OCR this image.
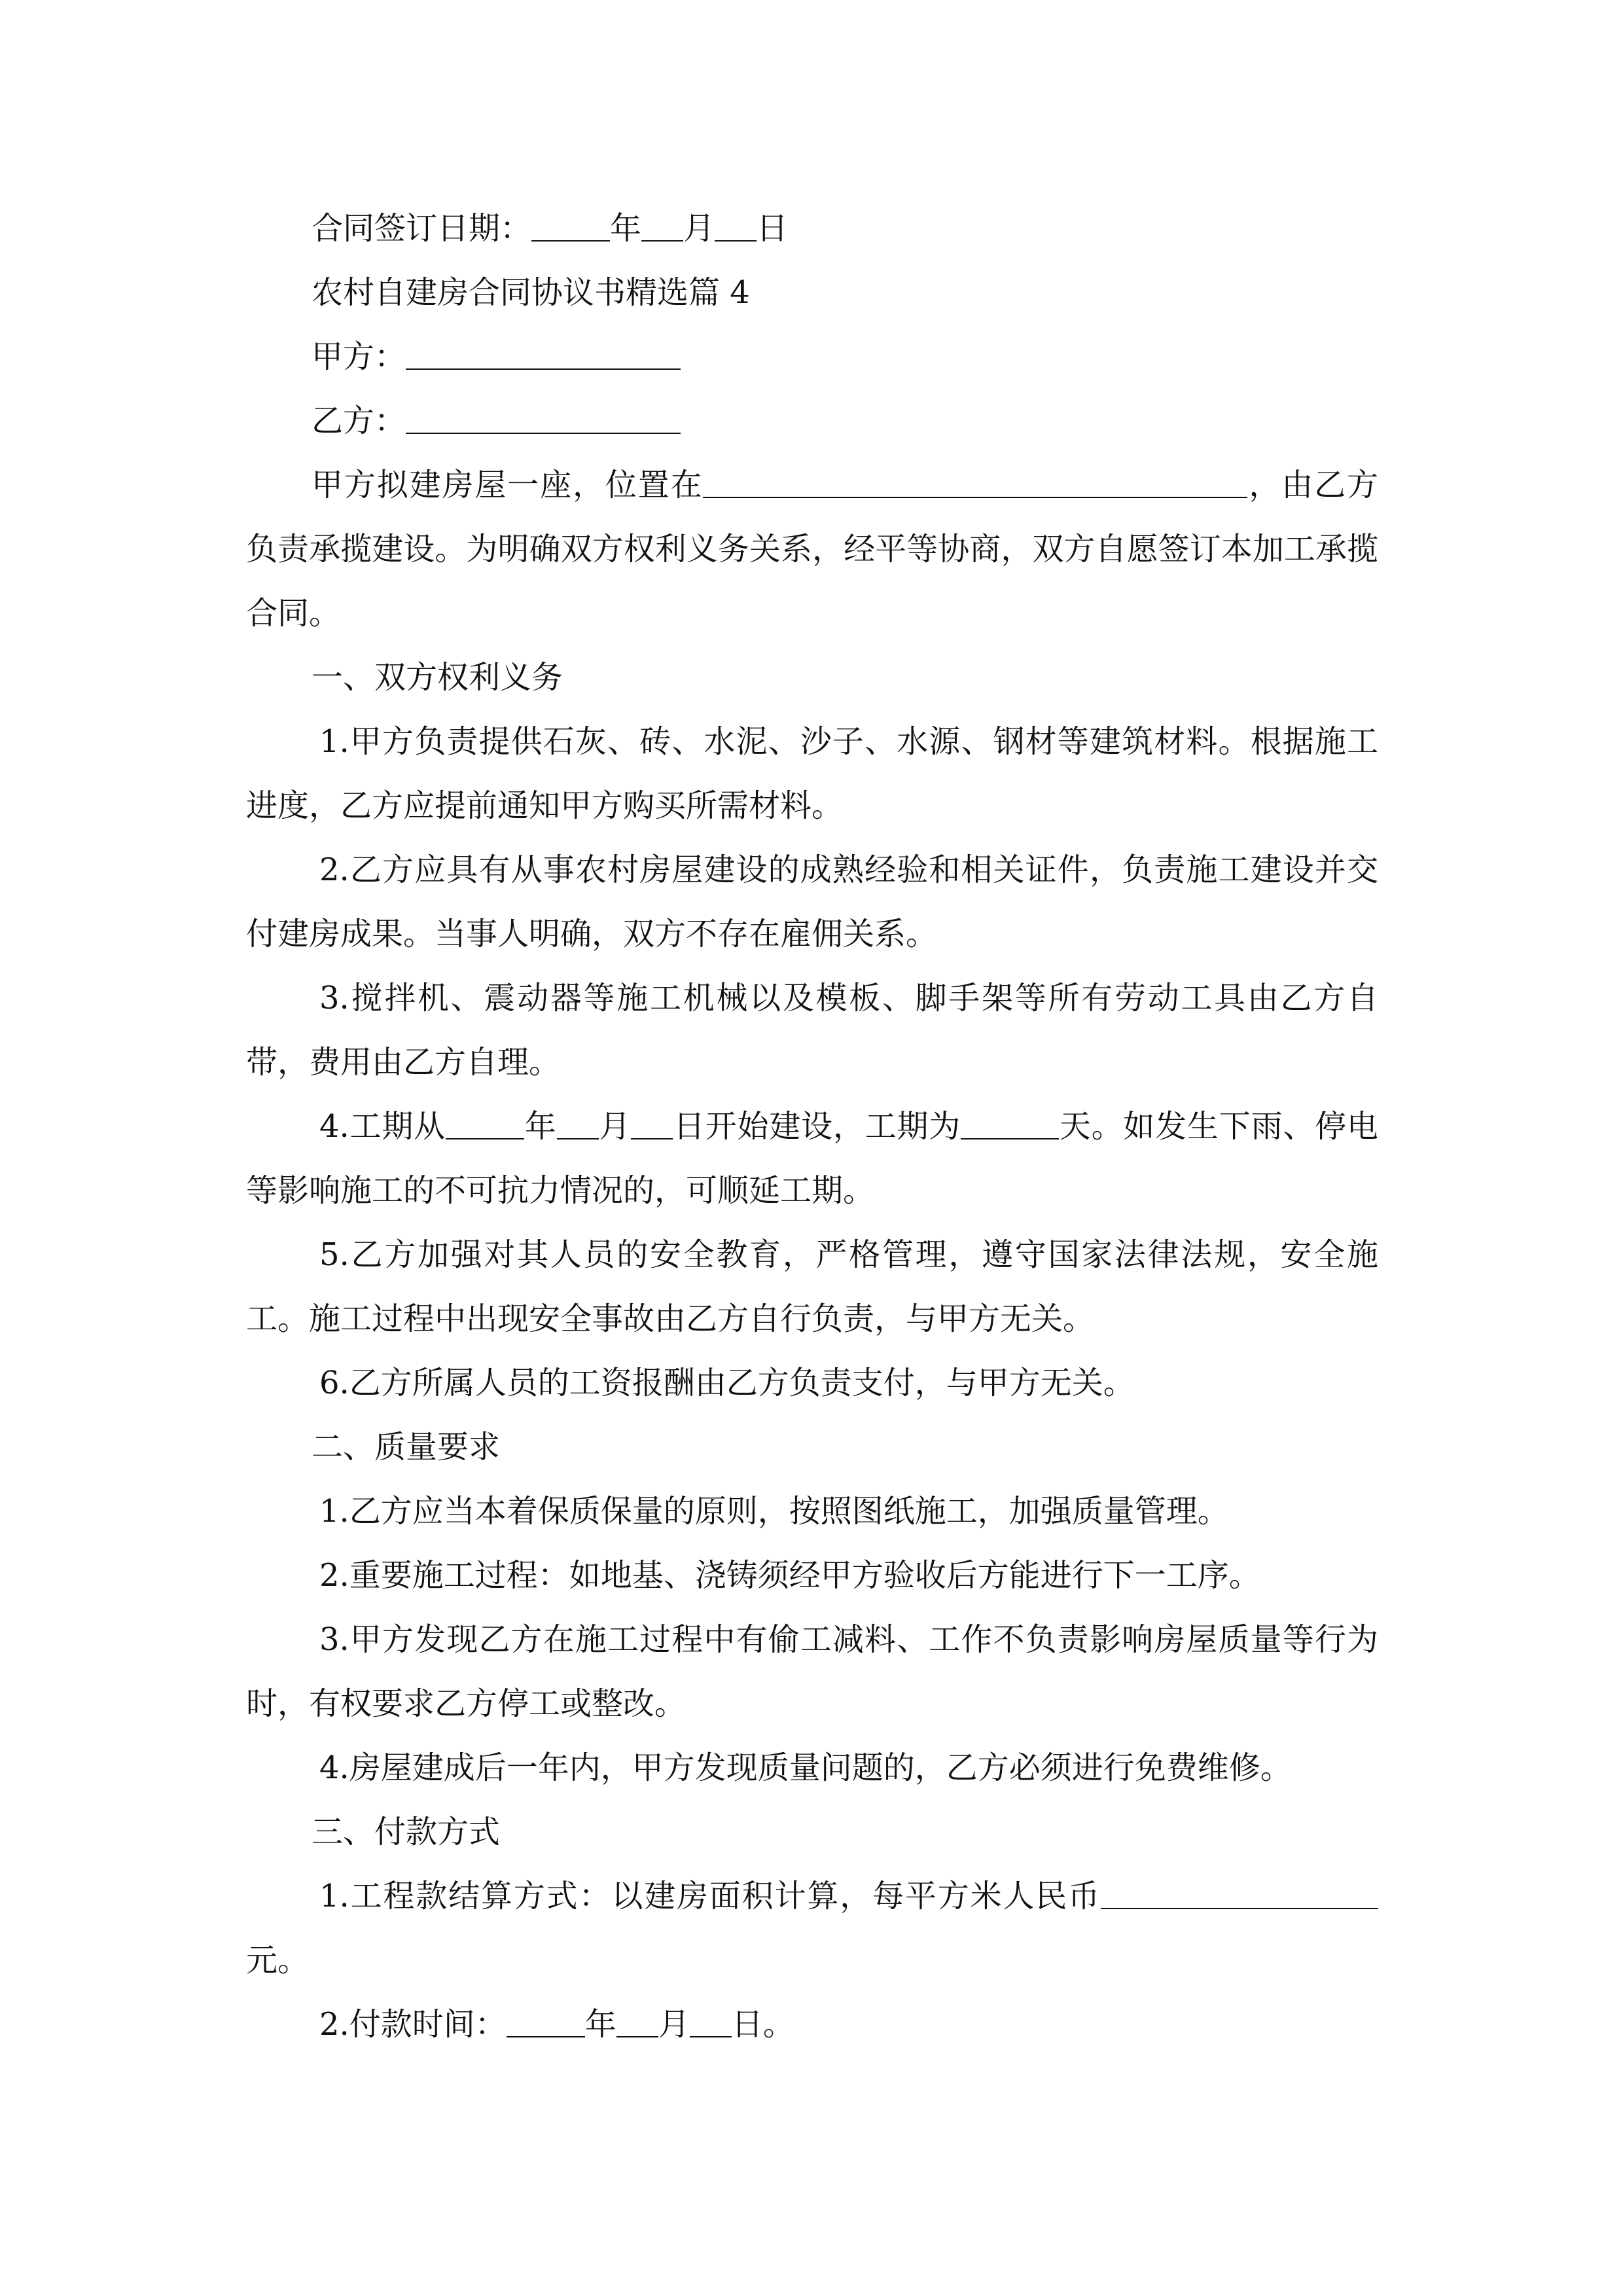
合同签订日期：	年 月 日

农村自建房合同协议书精选篇 4

甲方：

乙方：

甲方拟建房屋一座，位置在	，由乙方负责承揽建设。为明确双方权利义务关系，经平等协商，双方自愿签订本加工承揽合同。

一、双方权利义务

1.甲方负责提供石灰、砖、水泥、沙子、水源、钢材等建筑材料。根据施工进度，乙方应提前通知甲方购买所需材料。

2.乙方应具有从事农村房屋建设的成熟经验和相关证件，负责施工建设并交付建房成果。当事人明确，双方不存在雇佣关系。

3.搅拌机、震动器等施工机械以及模板、脚手架等所有劳动工具由乙方自带，费用由乙方自理。

4.工期从	年 月 日开始建设，工期为	天。如发生下雨、停电等影响施工的不可抗力情况的，可顺延工期。

5.乙方加强对其人员的安全教育，严格管理，遵守国家法律法规，安全施工。施工过程中出现安全事故由乙方自行负责，与甲方无关。

6.乙方所属人员的工资报酬由乙方负责支付，与甲方无关。

二、质量要求

1.乙方应当本着保质保量的原则，按照图纸施工，加强质量管理。

2.重要施工过程：如地基、浇铸须经甲方验收后方能进行下一工序。

3.甲方发现乙方在施工过程中有偷工减料、工作不负责影响房屋质量等行为时，有权要求乙方停工或整改。

4.房屋建成后一年内，甲方发现质量问题的，乙方必须进行免费维修。

三、付款方式

1.工程款结算方式：以建房面积计算，每平方米人民币元。

2.付款时间：	年 月 日。
